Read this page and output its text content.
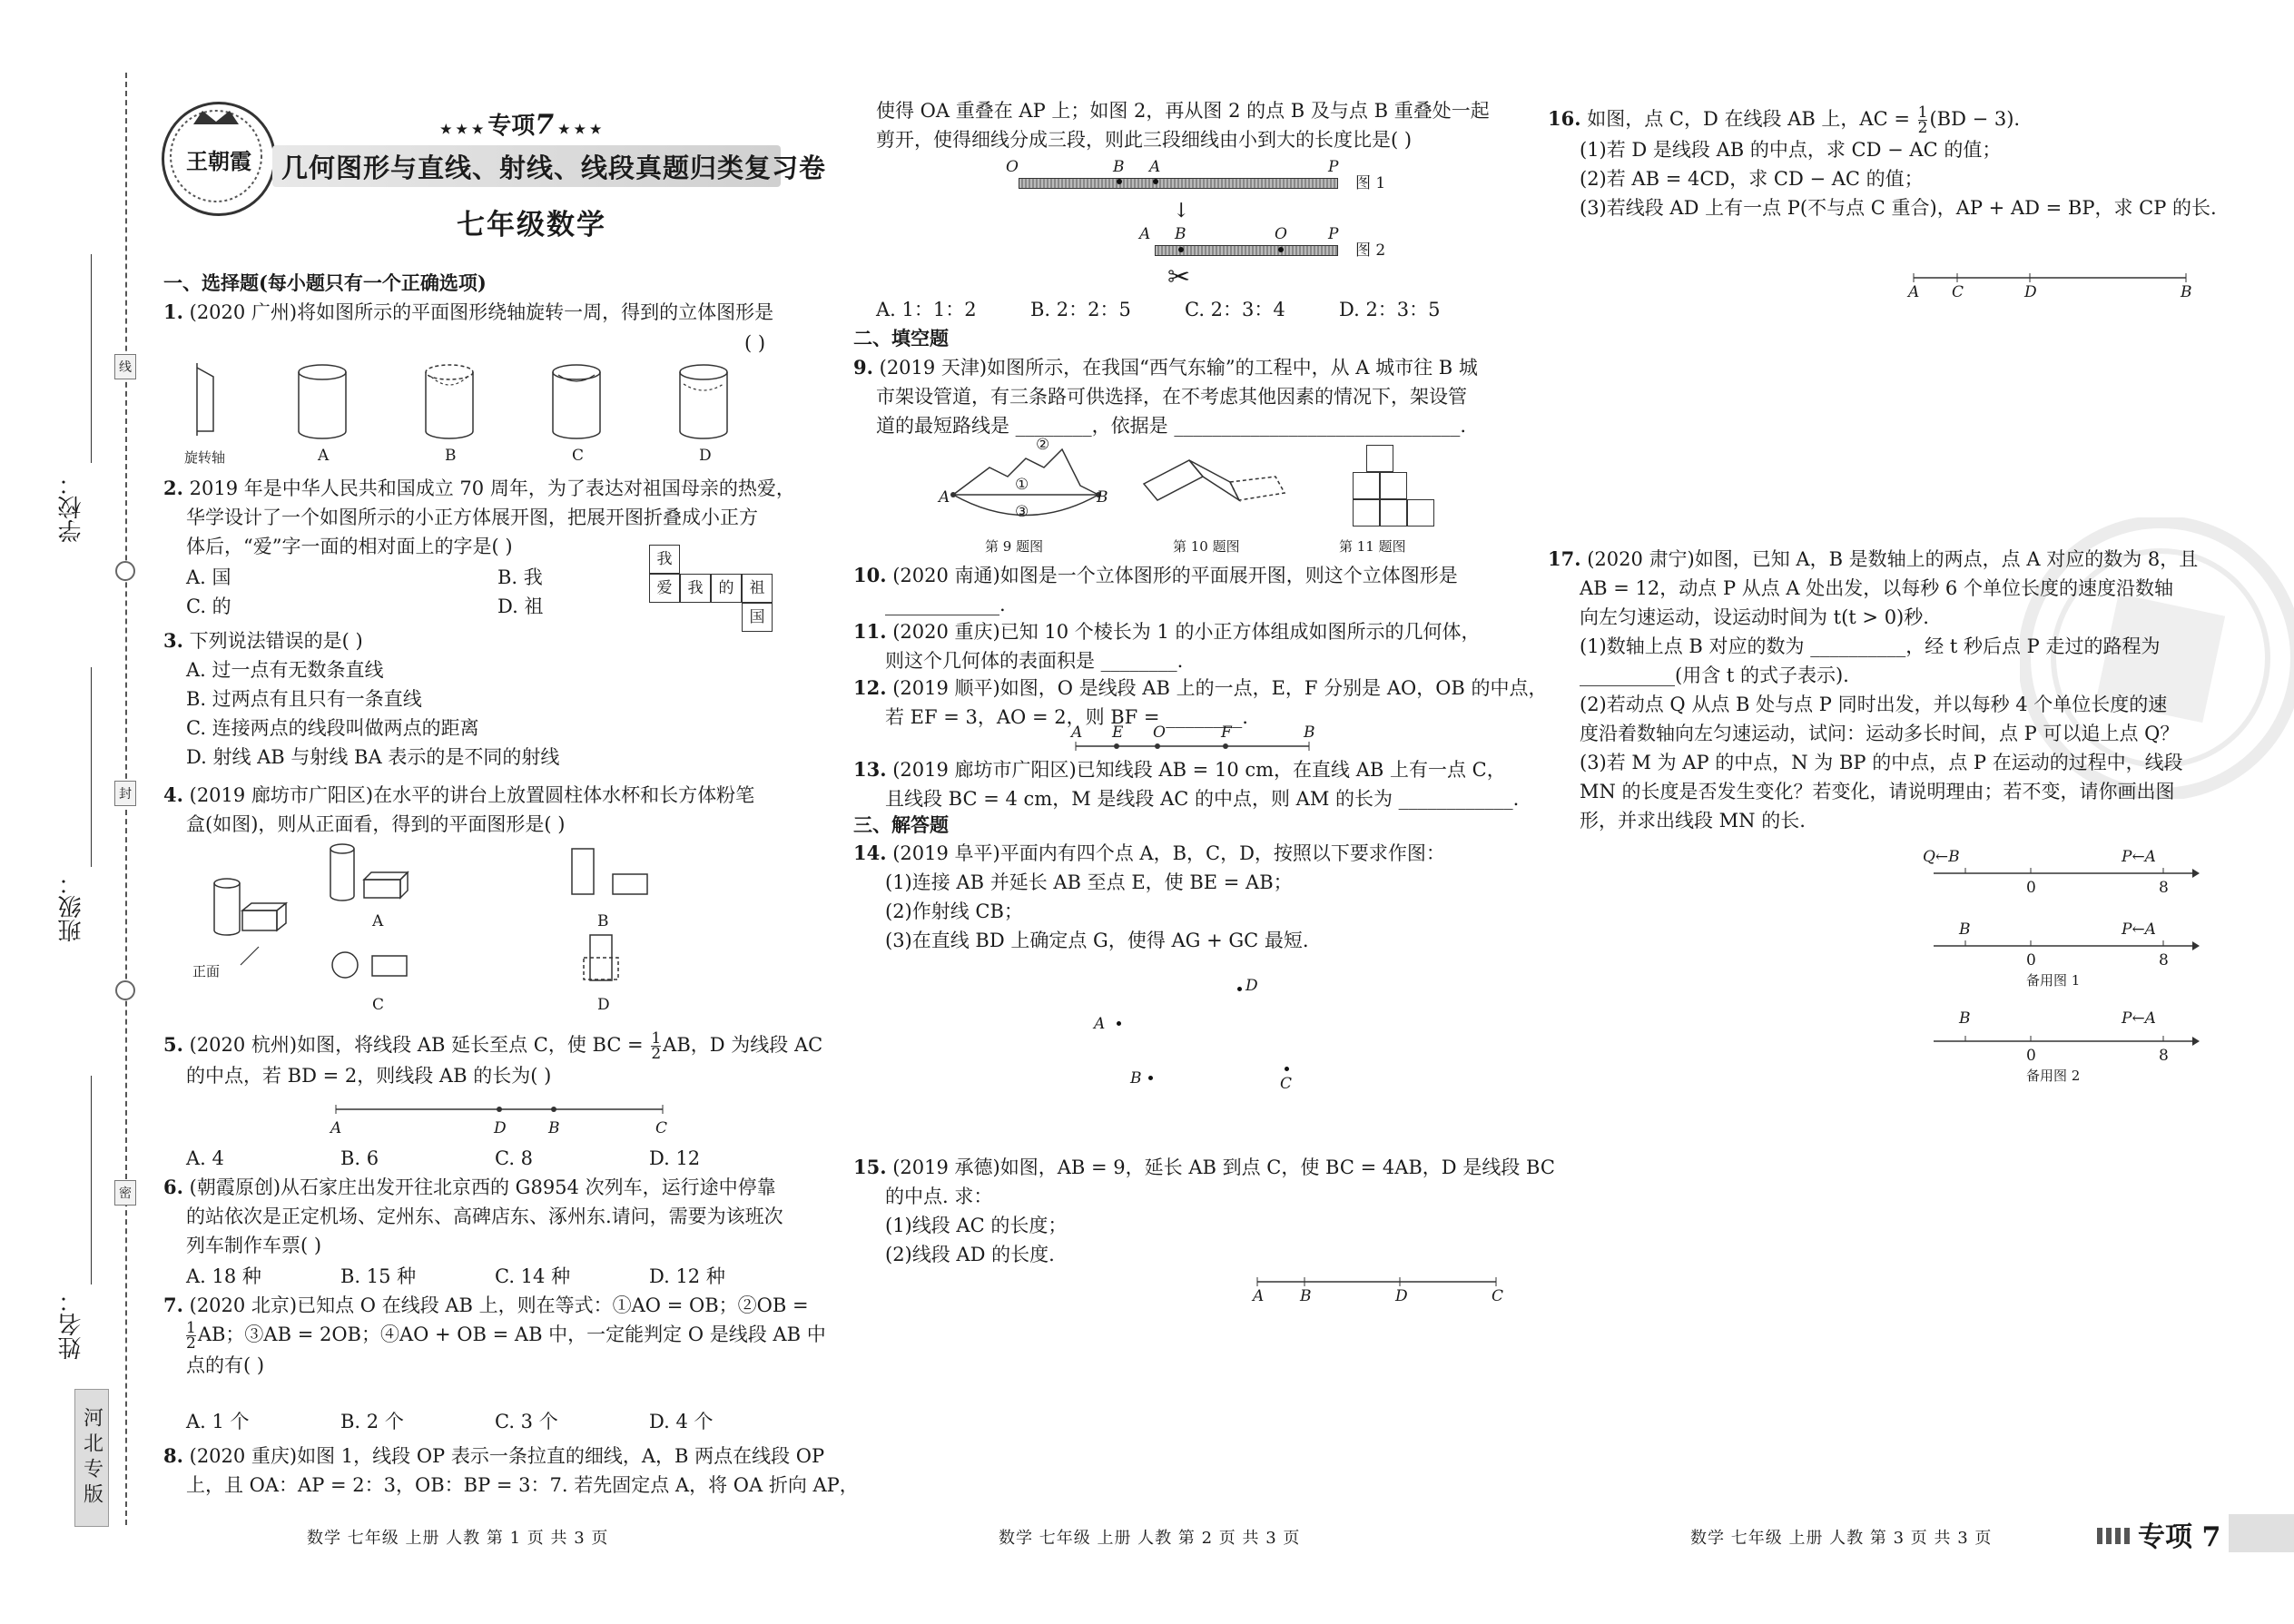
线
封
密
学校：
班级：
姓名：
河北专版
王朝霞
★ ★ ★ 专项7 ★ ★ ★
几何图形与直线、射线、线段真题归类复习卷
七年级数学
一、选择题(每小题只有一个正确选项)
1. (2020 广州)将如图所示的平面图形绕轴旋转一周，得到的立体图形是
( )
旋转轴	A	B	C	D

2. 2019 年是中华人民共和国成立 70 周年，为了表达对祖国母亲的热爱，

华学设计了一个如图所示的小正方体展开图，把展开图折叠成小正方

体后，“爱”字一面的相对面上的字是( )

A. 国	B. 我
C. 的	D. 祖
我
爱	我	的	祖
国

3. 下列说法错误的是( )

A. 过一点有无数条直线

B. 过两点有且只有一条直线

C. 连接两点的线段叫做两点的距离

D. 射线 AB 与射线 BA 表示的是不同的射线

4. (2019 廊坊市广阳区)在水平的讲台上放置圆柱体水杯和长方体粉笔

盒(如图)，则从正面看，得到的平面图形是( )

正面
A	B
C	D

5. (2020 杭州)如图，将线段 AB 延长至点 C，使 BC = $\frac{1}{2}$ AB，D 为线段 AC

的中点，若 BD = 2，则线段 AB 的长为( )

A	D	B	C
A. 4	B. 6	C. 8	D. 12

6. (朝霞原创)从石家庄出发开往北京西的 G8954 次列车，运行途中停靠

的站依次是正定机场、定州东、高碑店东、涿州东.请问，需要为该班次

列车制作车票( )

A. 18 种	B. 15 种	C. 14 种	D. 12 种

7. (2020 北京)已知点 O 在线段 AB 上，则在等式：①AO = OB；②OB =

$\frac{1}{2}$ AB；③AB = 2OB；④AO + OB = AB 中，一定能判定 O 是线段 AB 中

点的有( )

A. 1 个	B. 2 个	C. 3 个	D. 4 个

8. (2020 重庆)如图 1，线段 OP 表示一条拉直的细线，A，B 两点在线段 OP

上，且 OA：AP = 2：3，OB：BP = 3：7. 若先固定点 A，将 OA 折向 AP，

使得 OA 重叠在 AP 上；如图 2，再从图 2 的点 B 及与点 B 重叠处一起

剪开，使得细线分成三段，则此三段细线由小到大的长度比是( )

O	B A	P
图 1
↓
A B	O	P
图 2
✂
A. 1：1：2	B. 2：2：5	C. 2：3：4	D. 2：3：5
二、填空题

9. (2019 天津)如图所示，在我国“西气东输”的工程中，从 A 城市往 B 城

市架设管道，有三条路可供选择，在不考虑其他因素的情况下，架设管

道的最短路线是 ________，依据是 ______________________________.

②
①
③
A	B
第 9 题图	第 10 题图	第 11 题图

10. (2020 南通)如图是一个立体图形的平面展开图，则这个立体图形是

____________.

11. (2020 重庆)已知 10 个棱长为 1 的小正方体组成如图所示的几何体，

则这个几何体的表面积是 ________.

12. (2019 顺平)如图，O 是线段 AB 上的一点，E，F 分别是 AO，OB 的中点，

若 EF = 3，AO = 2，则 BF = ________.

A E O	F	B

13. (2019 廊坊市广阳区)已知线段 AB = 10 cm，在直线 AB 上有一点 C，

且线段 BC = 4 cm，M 是线段 AC 的中点，则 AM 的长为 ____________.

三、解答题

14. (2019 阜平)平面内有四个点 A，B，C，D，按照以下要求作图：

(1)连接 AB 并延长 AB 至点 E，使 BE = AB；

(2)作射线 CB；

(3)在直线 BD 上确定点 G，使得 AG + GC 最短.

D
A
B	C

15. (2019 承德)如图，AB = 9，延长 AB 到点 C，使 BC = 4AB，D 是线段 BC

的中点. 求：

(1)线段 AC 的长度；

(2)线段 AD 的长度.

A B	D	C

16. 如图，点 C，D 在线段 AB 上，AC = $\frac{1}{2} (BD - 3)$.

(1)若 D 是线段 AB 的中点，求 CD − AC 的值；

(2)若 AB = 4CD，求 CD − AC 的值；

(3)若线段 AD 上有一点 P(不与点 C 重合)，AP + AD = BP，求 CP 的长.

A C	D	B

17. (2020 肃宁)如图，已知 A，B 是数轴上的两点，点 A 对应的数为 8，且

AB = 12，动点 P 从点 A 处出发，以每秒 6 个单位长度的速度沿数轴

向左匀速运动，设运动时间为 t(t > 0)秒.

(1)数轴上点 B 对应的数为 __________，经 t 秒后点 P 走过的路程为

__________(用含 t 的式子表示).

(2)若动点 Q 从点 B 处与点 P 同时出发，并以每秒 4 个单位长度的速

度沿着数轴向左匀速运动，试问：运动多长时间，点 P 可以追上点 Q？

(3)若 M 为 AP 的中点，N 为 BP 的中点，点 P 在运动的过程中，线段

MN 的长度是否发生变化？若变化，请说明理由；若不变，请你画出图

形，并求出线段 MN 的长.

Q←B	P←A
0	8
B	P←A
0	8
备用图 1
B	P←A
0	8
备用图 2
数学 七年级 上册 人教 第 1 页 共 3 页	数学 七年级 上册 人教 第 2 页 共 3 页	数学 七年级 上册 人教 第 3 页 共 3 页	专项 7
